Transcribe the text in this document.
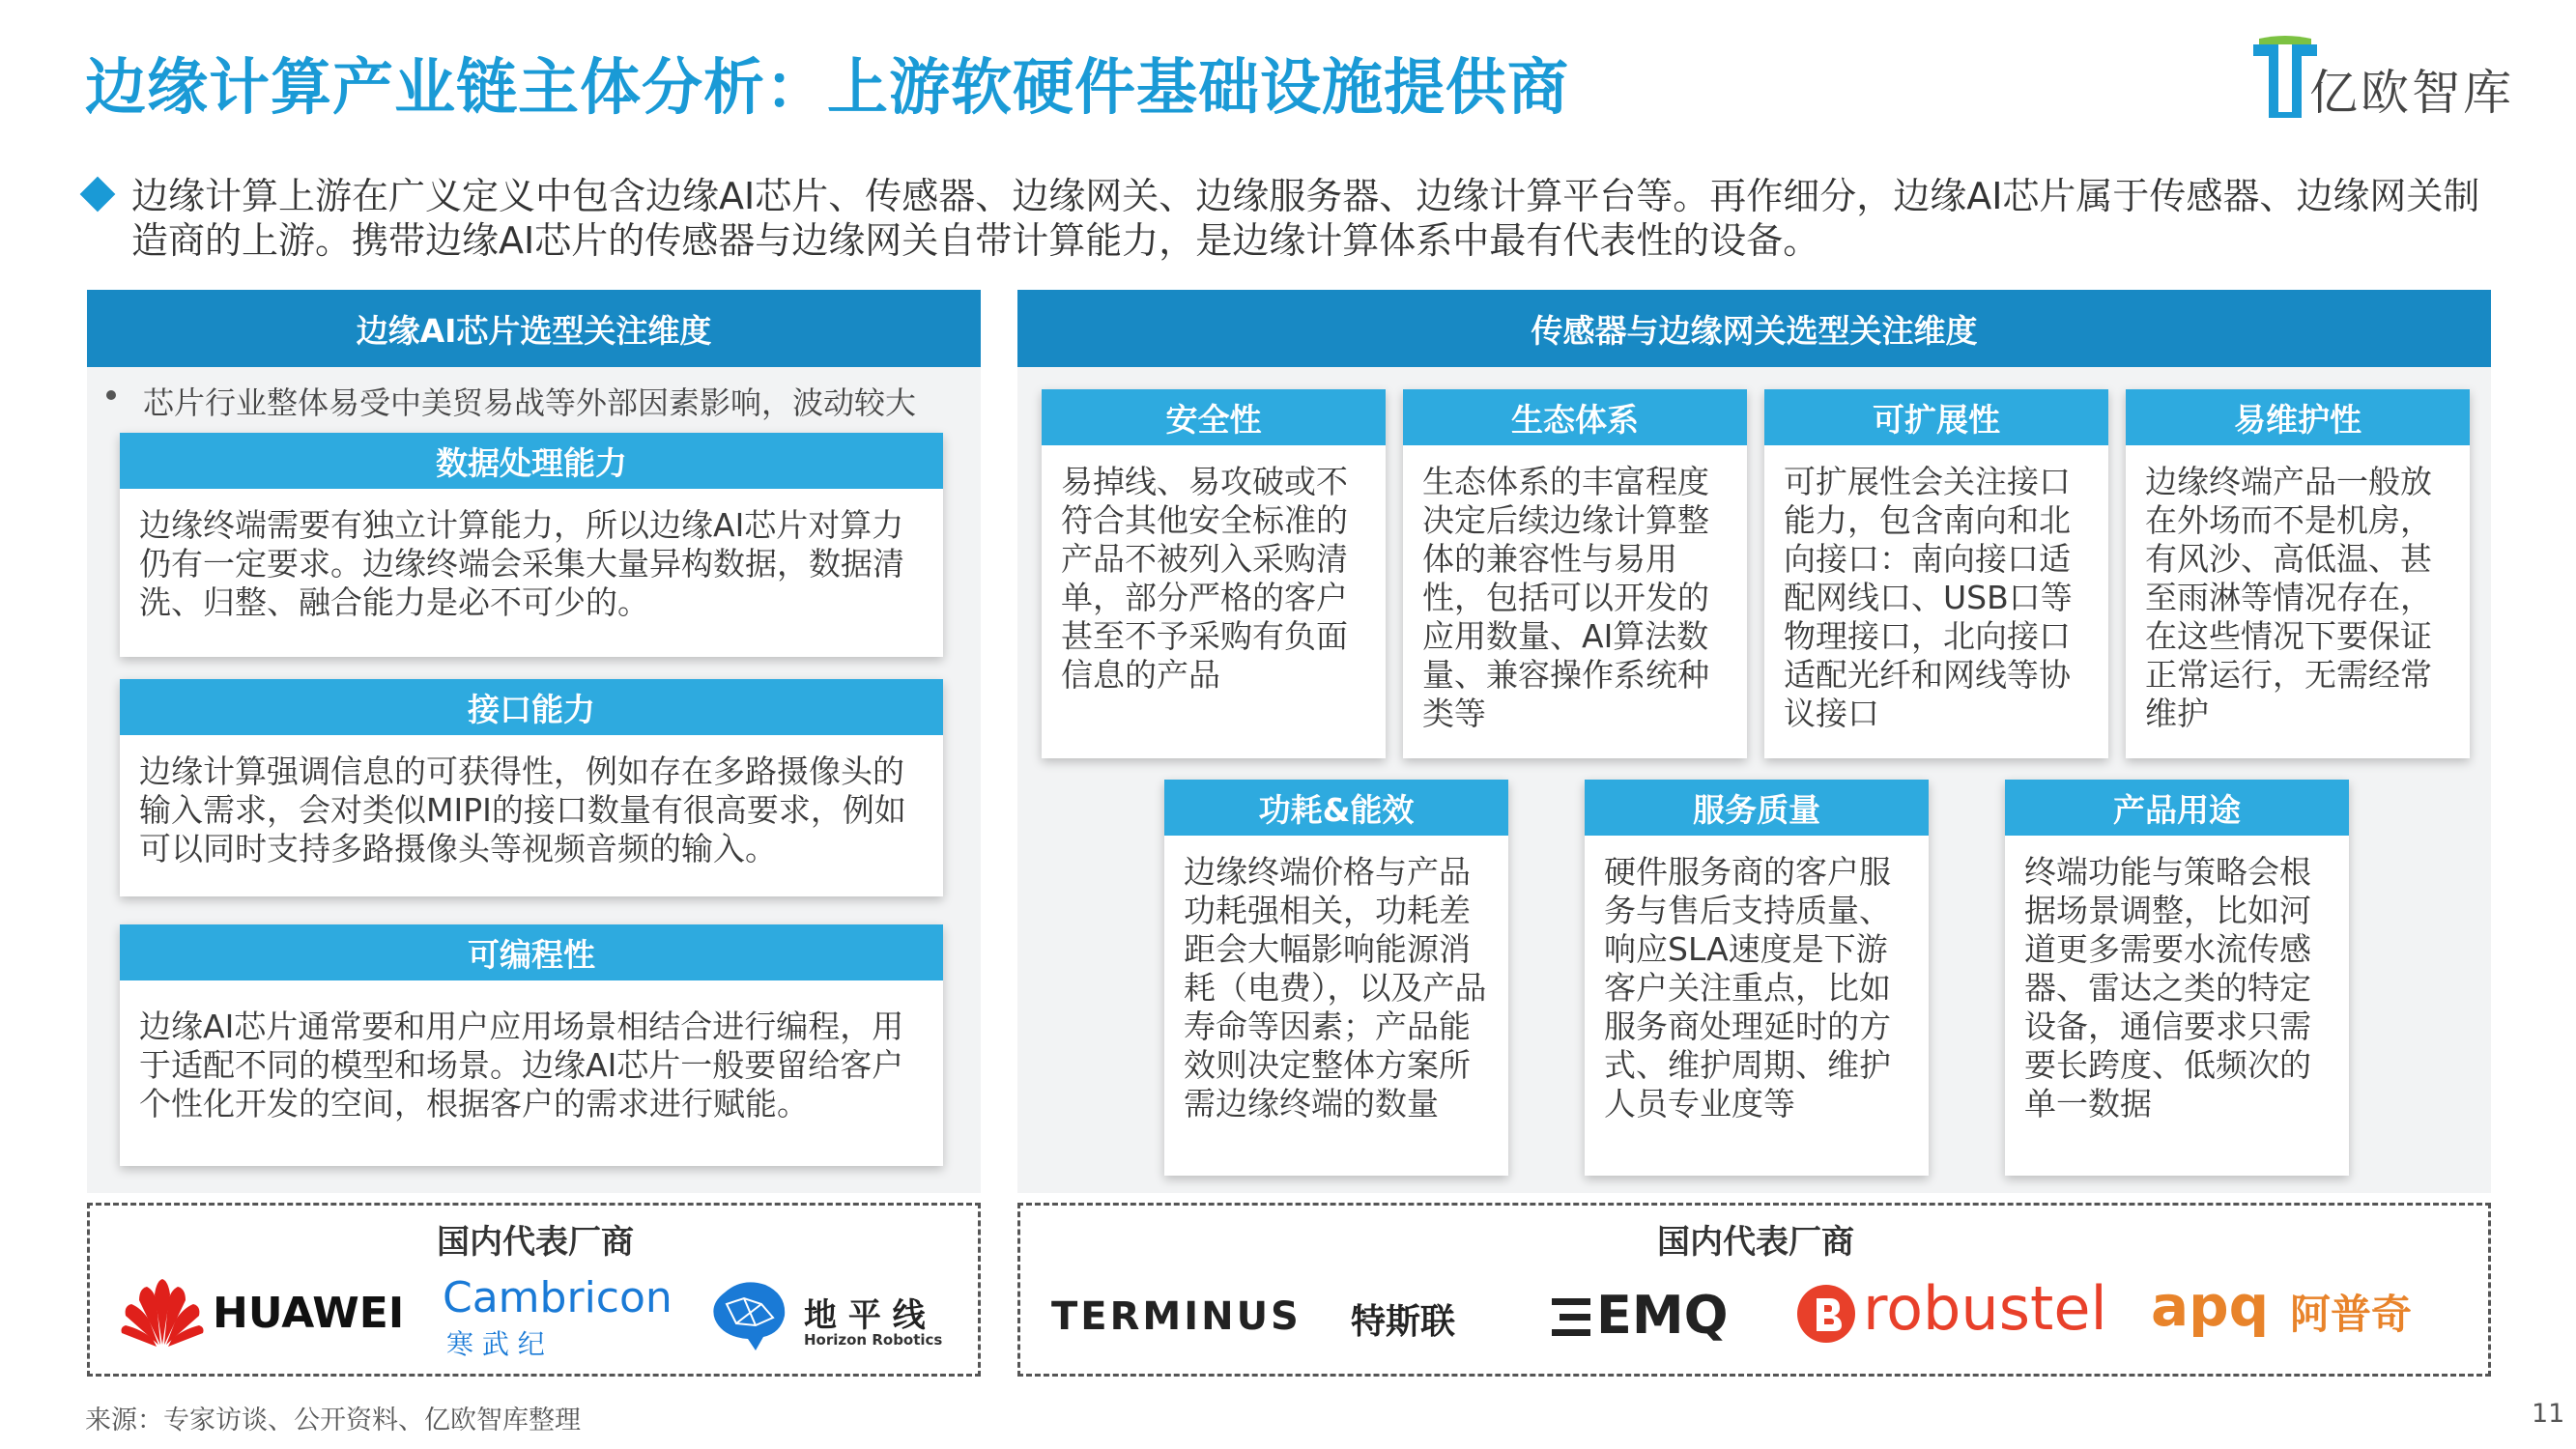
边缘计算产业链主体分析：上游软硬件基础设施提供商	亿欧智库
边缘计算上游在广义定义中包含边缘AI芯片、传感器、边缘网关、边缘服务器、边缘计算平台等。再作细分，边缘AI芯片属于传感器、边缘网关制造商的上游。携带边缘AI芯片的传感器与边缘网关自带计算能力，是边缘计算体系中最有代表性的设备。
边缘AI芯片选型关注维度
芯片行业整体易受中美贸易战等外部因素影响，波动较大
数据处理能力
边缘终端需要有独立计算能力，所以边缘AI芯片对算力仍有一定要求。边缘终端会采集大量异构数据，数据清洗、归整、融合能力是必不可少的。
接口能力
边缘计算强调信息的可获得性，例如存在多路摄像头的输入需求，会对类似MIPI的接口数量有很高要求，例如可以同时支持多路摄像头等视频音频的输入。
可编程性
边缘AI芯片通常要和用户应用场景相结合进行编程，用于适配不同的模型和场景。边缘AI芯片一般要留给客户个性化开发的空间，根据客户的需求进行赋能。
国内代表厂商
HUAWEI Cambricon
寒 武 纪
地 平 线
Horizon Robotics
传感器与边缘网关选型关注维度
安全性
易掉线、易攻破或不符合其他安全标准的产品不被列入采购清单，部分严格的客户甚至不予采购有负面信息的产品
生态体系
生态体系的丰富程度决定后续边缘计算整体的兼容性与易用性，包括可以开发的应用数量、AI算法数量、兼容操作系统种类等
可扩展性
可扩展性会关注接口能力，包含南向和北向接口：南向接口适配网线口、USB口等物理接口，北向接口适配光纤和网线等协议接口
易维护性
边缘终端产品一般放在外场而不是机房，有风沙、高低温、甚至雨淋等情况存在，在这些情况下要保证正常运行，无需经常维护
功耗&能效
边缘终端价格与产品功耗强相关，功耗差距会大幅影响能源消耗（电费），以及产品寿命等因素；产品能效则决定整体方案所需边缘终端的数量
服务质量
硬件服务商的客户服务与售后支持质量、响应SLA速度是下游客户关注重点，比如服务商处理延时的方式、维护周期、维护人员专业度等
产品用途
终端功能与策略会根据场景调整，比如河道更多需要水流传感器、雷达之类的特定设备，通信要求只需要长跨度、低频次的单一数据
国内代表厂商
TERMINUS 特斯联	EMQ robustel apq 阿普奇
来源：专家访谈、公开资料、亿欧智库整理	11
